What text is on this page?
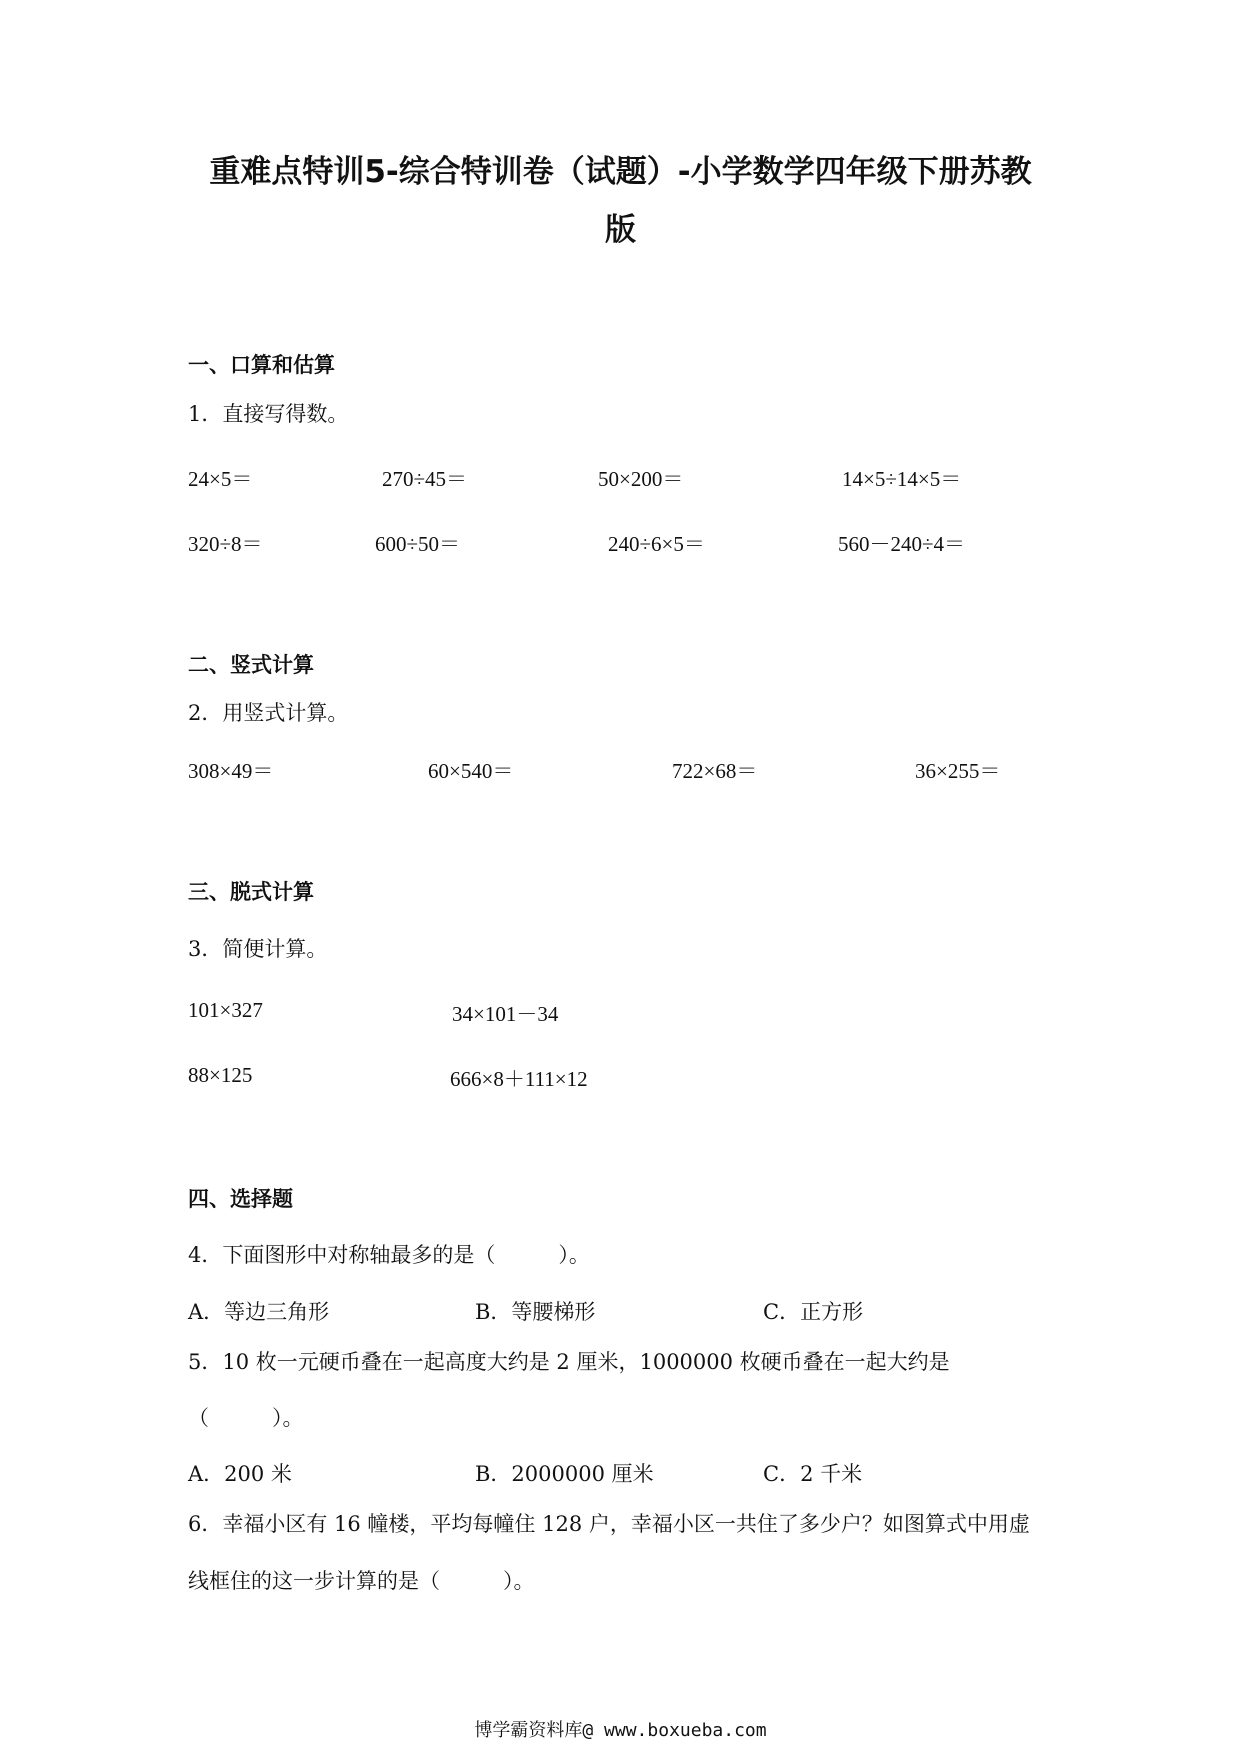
重难点特训5-综合特训卷（试题）-小学数学四年级下册苏教
版
一、口算和估算
1．直接写得数。
24×5＝	270÷45＝	50×200＝	14×5÷14×5＝
320÷8＝	600÷50＝	240÷6×5＝	560－240÷4＝
二、竖式计算
2．用竖式计算。
308×49＝	60×540＝	722×68＝	36×255＝
三、脱式计算
3．简便计算。
101×327	34×101－34
88×125	666×8＋111×12
四、选择题
4．下面图形中对称轴最多的是（　　　）。
A．等边三角形	B．等腰梯形	C．正方形
5．10 枚一元硬币叠在一起高度大约是 2 厘米，1000000 枚硬币叠在一起大约是
（　　　）。
A．200 米	B．2000000 厘米	C．2 千米
6．幸福小区有 16 幢楼，平均每幢住 128 户，幸福小区一共住了多少户？如图算式中用虚
线框住的这一步计算的是（　　　）。
博学霸资料库@ www.boxueba.com
